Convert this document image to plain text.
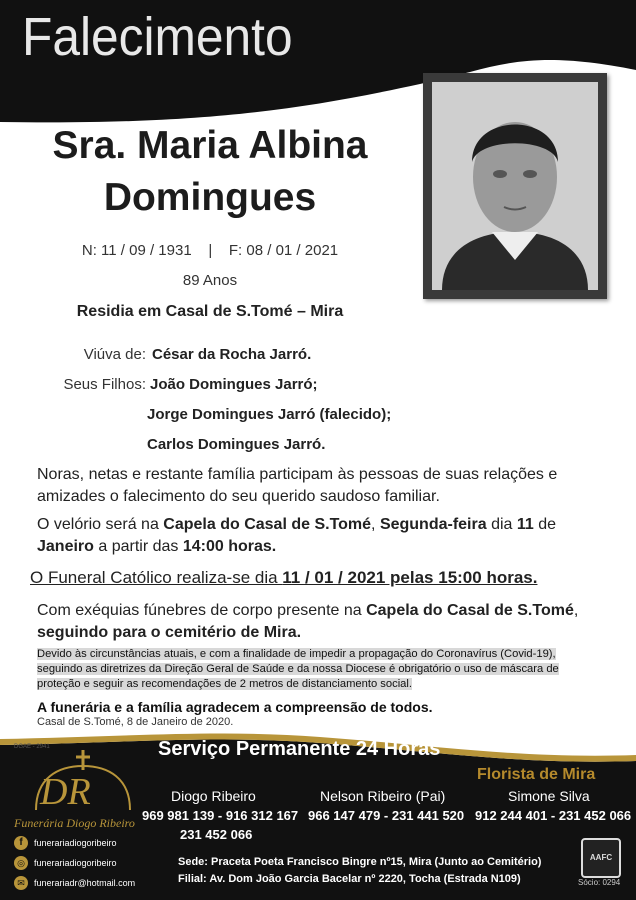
Falecimento
Sra. Maria Albina
Domingues
N: 11 / 09 / 1931    |    F: 08 / 01 / 2021
89 Anos
Residia em Casal de S.Tomé – Mira
Viúva de: César da Rocha Jarró.
Seus Filhos: João Domingues Jarró;
Jorge Domingues Jarró (falecido);
Carlos Domingues Jarró.
Noras, netas e restante família participam às pessoas de suas relações e amizades o falecimento do seu querido saudoso familiar.
O velório será na Capela do Casal de S.Tomé, Segunda-feira dia 11 de Janeiro a partir das 14:00 horas.
O Funeral Católico realiza-se dia 11 / 01 / 2021 pelas 15:00 horas.
Com exéquias fúnebres de corpo presente na Capela do Casal de S.Tomé,
seguindo para o cemitério de Mira.
Devido às circunstâncias atuais, e com a finalidade de impedir a propagação do Coronavírus (Covid-19), seguindo as diretrizes da Direção Geral de Saúde e da nossa Diocese é obrigatório o uso de máscara de proteção e seguir as recomendações de 2 metros de distanciamento social.
A funerária e a família agradecem a compreensão de todos.
Casal de S.Tomé, 8 de Janeiro de 2020.
DGAE - 2941	Serviço Permanente 24 Horas
DR
Funerária Diogo Ribeiro
Florista de Mira
Diogo Ribeiro
969 981 139 - 916 312 167
231 452 066
Nelson Ribeiro (Pai)
966 147 479 - 231 441 520
Simone Silva
912 244 401 - 231 452 066
f	funerariadiogoribeiro
◎	funerariadiogoribeiro
✉	funerariadr@hotmail.com
Sede: Praceta Poeta Francisco Bingre nº15, Mira (Junto ao Cemitério)
Filial: Av. Dom João Garcia Bacelar nº 2220, Tocha (Estrada N109)
AAFC
Sócio: 0294
